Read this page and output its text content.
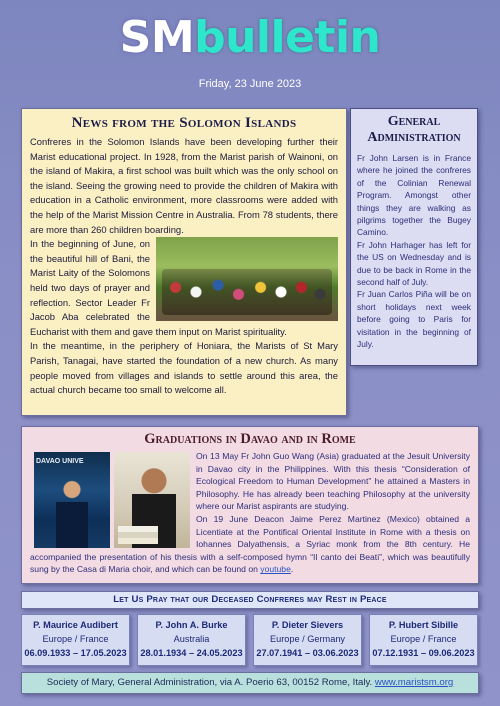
SMbulletin
Friday, 23 June 2023
News from the Solomon Islands

Confreres in the Solomon Islands have been developing further their Marist educational project. In 1928, from the Marist parish of Wainoni, on the island of Makira, a first school was built which was the only school on the island. Seeing the growing need to provide the children of Makira with education in a Catholic environment, more classrooms were added with the help of the Marist Mission Centre in Australia. From 78 students, there are more than 260 children boarding.

In the beginning of June, on the beautiful hill of Bani, the Marist Laity of the Solomons held two days of prayer and reflection. Sector Leader Fr Jacob Aba celebrated the Eucharist with them and gave them input on Marist spirituality.

In the meantime, in the periphery of Honiara, the Marists of St Mary Parish, Tanagai, have started the foundation of a new church. As many people moved from villages and islands to settle around this area, the actual church became too small to welcome all.

General Administration

Fr John Larsen is in France where he joined the confreres of the Colinian Renewal Program. Amongst other things they are walking as pilgrims together the Bugey Camino.

Fr John Harhager has left for the US on Wednesday and is due to be back in Rome in the second half of July.

Fr Juan Carlos Piña will be on short holidays next week before going to Paris for visitation in the beginning of July.

Graduations in Davao and in Rome
DAVAO UNIVE

On 13 May Fr John Guo Wang (Asia) graduated at the Jesuit University in Davao city in the Philippines. With this thesis “Consideration of Ecological Freedom to Human Development” he attained a Masters in Philosophy. He has already been teaching Philosophy at the university where our Marist aspirants are studying.

On 19 June Deacon Jaime Perez Martinez (Mexico) obtained a Licentiate at the Pontifical Oriental Institute in Rome with a thesis on Iohannes Dalyathensis, a Syriac monk from the 8th century. He accompanied the presentation of his thesis with a self-composed hymn “Il canto dei Beati”, which was beautifully sung by the Casa di Maria choir, and which can be found on youtube.

Let Us Pray that our Deceased Confreres may Rest in Peace
P. Maurice Audibert
Europe / France
06.09.1933 – 17.05.2023
P. John A. Burke
Australia
28.01.1934 – 24.05.2023
P. Dieter Sievers
Europe / Germany
27.07.1941 – 03.06.2023
P. Hubert Sibille
Europe / France
07.12.1931 – 09.06.2023
Society of Mary, General Administration, via A. Poerio 63, 00152 Rome, Italy. www.maristsm.org
